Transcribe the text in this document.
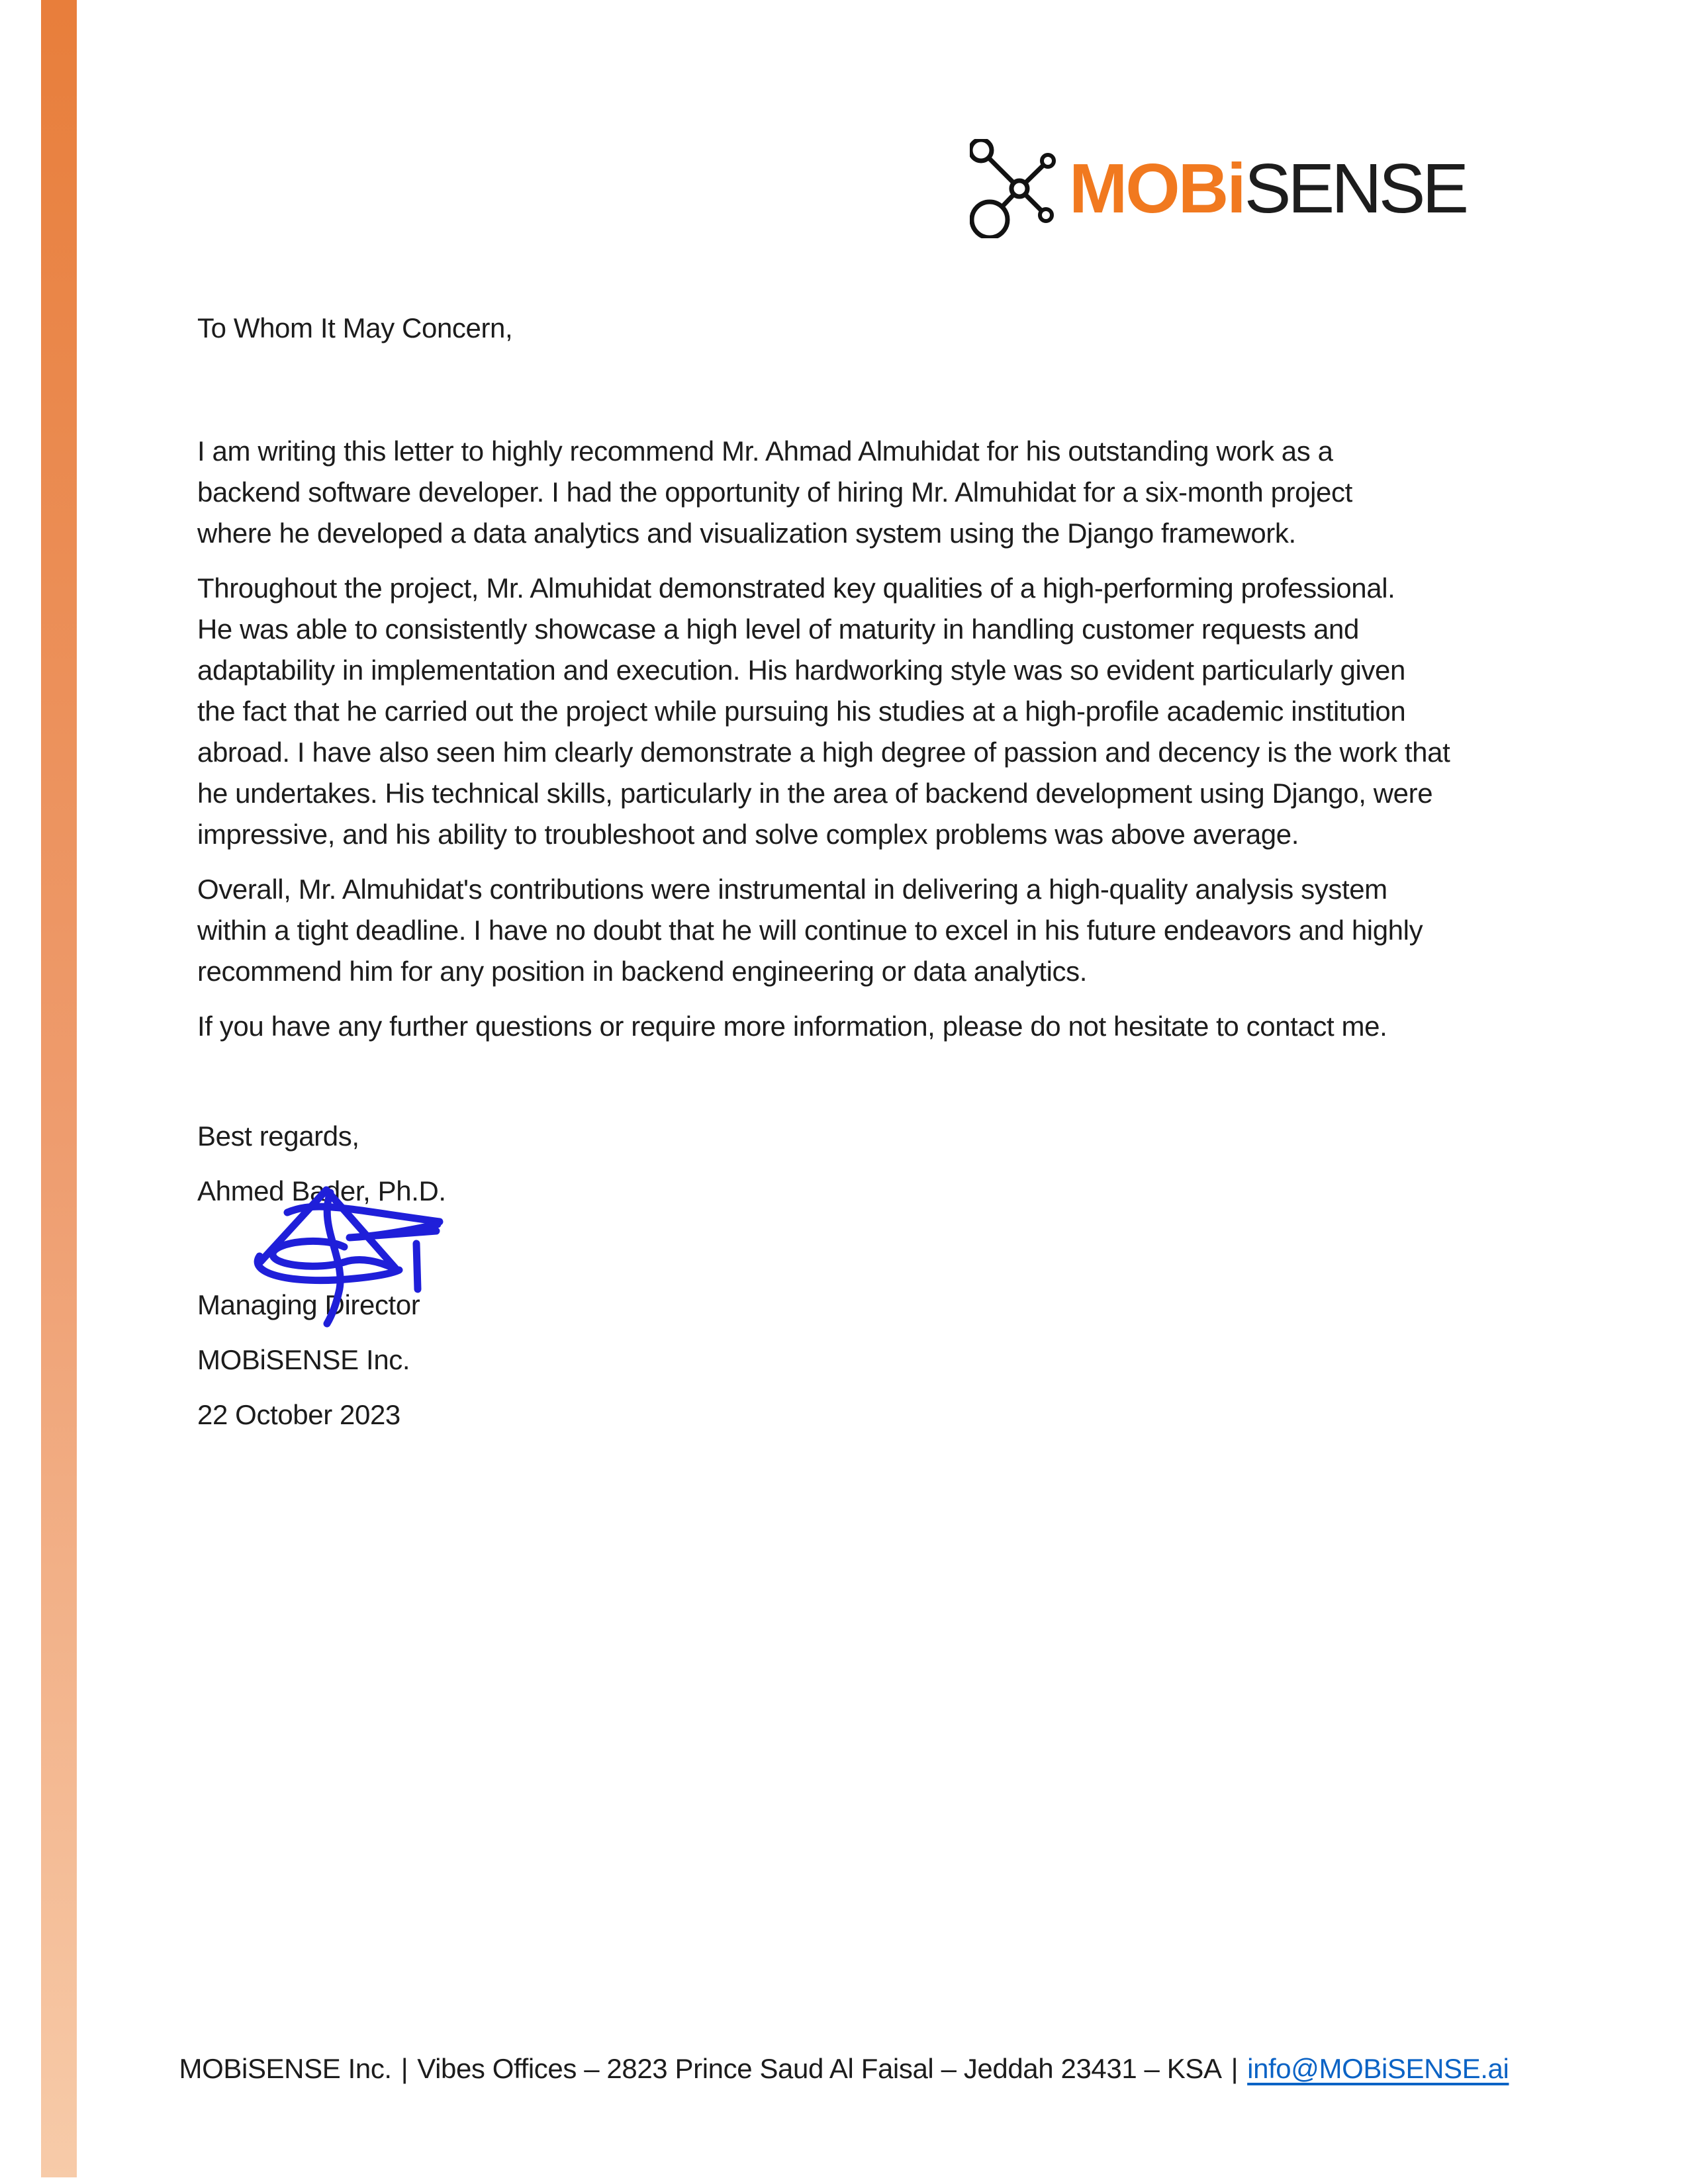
MOBiSENSE

To Whom It May Concern,

I am writing this letter to highly recommend Mr. Ahmad Almuhidat for his outstanding work as a
backend software developer. I had the opportunity of hiring Mr. Almuhidat for a six-month project
where he developed a data analytics and visualization system using the Django framework.

Throughout the project, Mr. Almuhidat demonstrated key qualities of a high-performing professional.
He was able to consistently showcase a high level of maturity in handling customer requests and
adaptability in implementation and execution. His hardworking style was so evident particularly given
the fact that he carried out the project while pursuing his studies at a high-profile academic institution
abroad. I have also seen him clearly demonstrate a high degree of passion and decency is the work that
he undertakes. His technical skills, particularly in the area of backend development using Django, were
impressive, and his ability to troubleshoot and solve complex problems was above average.

Overall, Mr. Almuhidat's contributions were instrumental in delivering a high-quality analysis system
within a tight deadline. I have no doubt that he will continue to excel in his future endeavors and highly
recommend him for any position in backend engineering or data analytics.

If you have any further questions or require more information, please do not hesitate to contact me.

Best regards,

Ahmed Bader, Ph.D.

Managing Director

MOBiSENSE Inc.

22 October 2023

MOBiSENSE Inc. | Vibes Offices – 2823 Prince Saud Al Faisal – Jeddah 23431 – KSA | info@MOBiSENSE.ai
